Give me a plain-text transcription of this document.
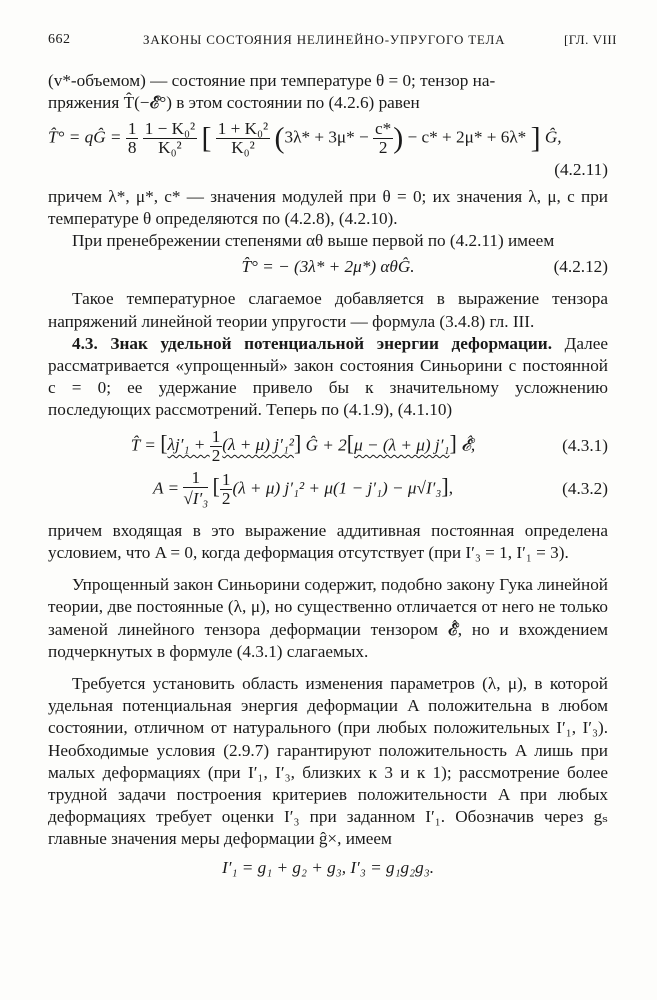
662	ЗАКОНЫ СОСТОЯНИЯ НЕЛИНЕЙНО-УПРУГОГО ТЕЛА	[ГЛ. VIII

(v*-объемом) — состояние при температуре θ = 0; тензор на-

пряжения T̂(−𝓔̂°) в этом состоянии по (4.2.6) равен

T̂° = qĜ = $\frac{1}{8}$
$\frac{\text{1 − K₀²}}{\text{K₀²}}$ [ $\frac{\text{1 + K₀²}}{\text{K₀²}} (3\lambda* + 3\mu* - \frac{c*}{2}$ ) − c* + 2μ* + 6λ* ] Ĝ,
(4.2.11)

причем λ*, μ*, c* — значения модулей при θ = 0; их значения λ, μ, c при температуре θ определяются по (4.2.8), (4.2.10).

При пренебрежении степенями αθ выше первой по (4.2.11) имеем

T̂° = − (3λ* + 2μ*) αθĜ.	(4.2.12)

Такое температурное слагаемое добавляется в выражение тензора напряжений линейной теории упругости — формула (3.4.8) гл. III.

4.3. Знак удельной потенциальной энергии деформации. Далее рассматривается «упрощенный» закон состояния Синьорини с постоянной c = 0; ее удержание привело бы к значительному усложнению последующих рассмотрений. Теперь по (4.1.9), (4.1.10)

T̂ = [$\lambda j'_1 + \frac{1}{2} (\lambda + \mu)$ j′₁²] Ĝ + 2[μ − (λ + μ) j′₁] 𝓔̂̂,	(4.3.1)
$A = \frac{1}{\text{√I′₃}}$ [ $\frac{1}{2} (\lambda + \mu) j'_1^2 + \mu(1 - j'_1) - \mu√I'_3$],	(4.3.2)

причем входящая в это выражение аддитивная постоянная определена условием, что A = 0, когда деформация отсутствует (при I′₃ = 1, I′₁ = 3).

Упрощенный закон Синьорини содержит, подобно закону Гука линейной теории, две постоянные (λ, μ), но существенно отличается от него не только заменой линейного тензора деформации тензором 𝓔̂̂, но и вхождением подчеркнутых в формуле (4.3.1) слагаемых.

Требуется установить область изменения параметров (λ, μ), в которой удельная потенциальная энергия деформации A положительна в любом состоянии, отличном от натурального (при любых положительных I′₁, I′₃). Необходимые условия (2.9.7) гарантируют положительность A лишь при малых деформациях (при I′₁, I′₃, близких к 3 и к 1); рассмотрение более трудной задачи построения критериев положительности A при любых деформациях требует оценки I′₃ при заданном I′₁. Обозначив через gₛ главные значения меры деформации ĝ×, имеем

I′₁ = g₁ + g₂ + g₃, I′₃ = g₁g₂g₃.
